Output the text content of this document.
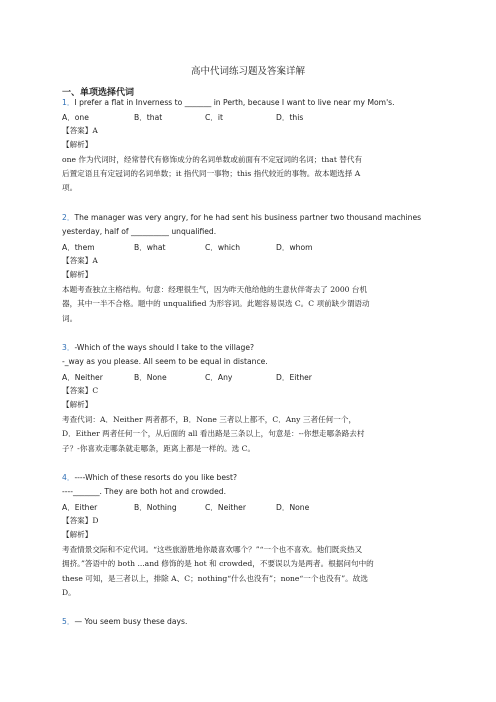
高中代词练习题及答案详解
一、单项选择代词
1．I prefer a flat in Inverness to _______ in Perth, because I want to live near my Mom's.
A．one	B．that	C．it	D．this
【答案】A
【解析】
one 作为代词时，经常替代有修饰成分的名词单数或前面有不定冠词的名词；that 替代有
后置定语且有定冠词的名词单数；it 指代同一事物；this 指代较近的事物。故本题选择 A
项。
2．The manager was very angry, for he had sent his business partner two thousand machines
yesterday, half of __________ unqualified.
A．them	B．what	C．which	D．whom
【答案】A
【解析】
本题考查独立主格结构。句意：经理很生气，因为昨天他给他的生意伙伴寄去了 2000 台机
器，其中一半不合格。题中的 unqualified 为形容词。此题容易误选 C。C 项前缺少谓语动
词。
3．-Which of the ways should I take to the village?
-_way as you please. All seem to be equal in distance.
A．Neither	B．None	C．Any	D．Either
【答案】C
【解析】
考查代词：A．Neither 两者都不，B．None 三者以上都不，C．Any 三者任何一个，
D．Either 两者任何一个，从后面的 all 看出路是三条以上，句意是：--你想走哪条路去村
子？-你喜欢走哪条就走哪条，距离上都是一样的。选 C。
4．----Which of these resorts do you like best?
----_______. They are both hot and crowded.
A．Either	B．Nothing	C．Neither	D．None
【答案】D
【解析】
考查情景交际和不定代词。“这些旅游胜地你最喜欢哪个？”“一个也不喜欢。他们既炎热又
拥挤。”答语中的 both ...and 修饰的是 hot 和 crowded，不要误以为是两者。根据问句中的
these 可知，是三者以上，排除 A、C；nothing“什么也没有”；none“一个也没有”。故选
D。
5．— You seem busy these days.
